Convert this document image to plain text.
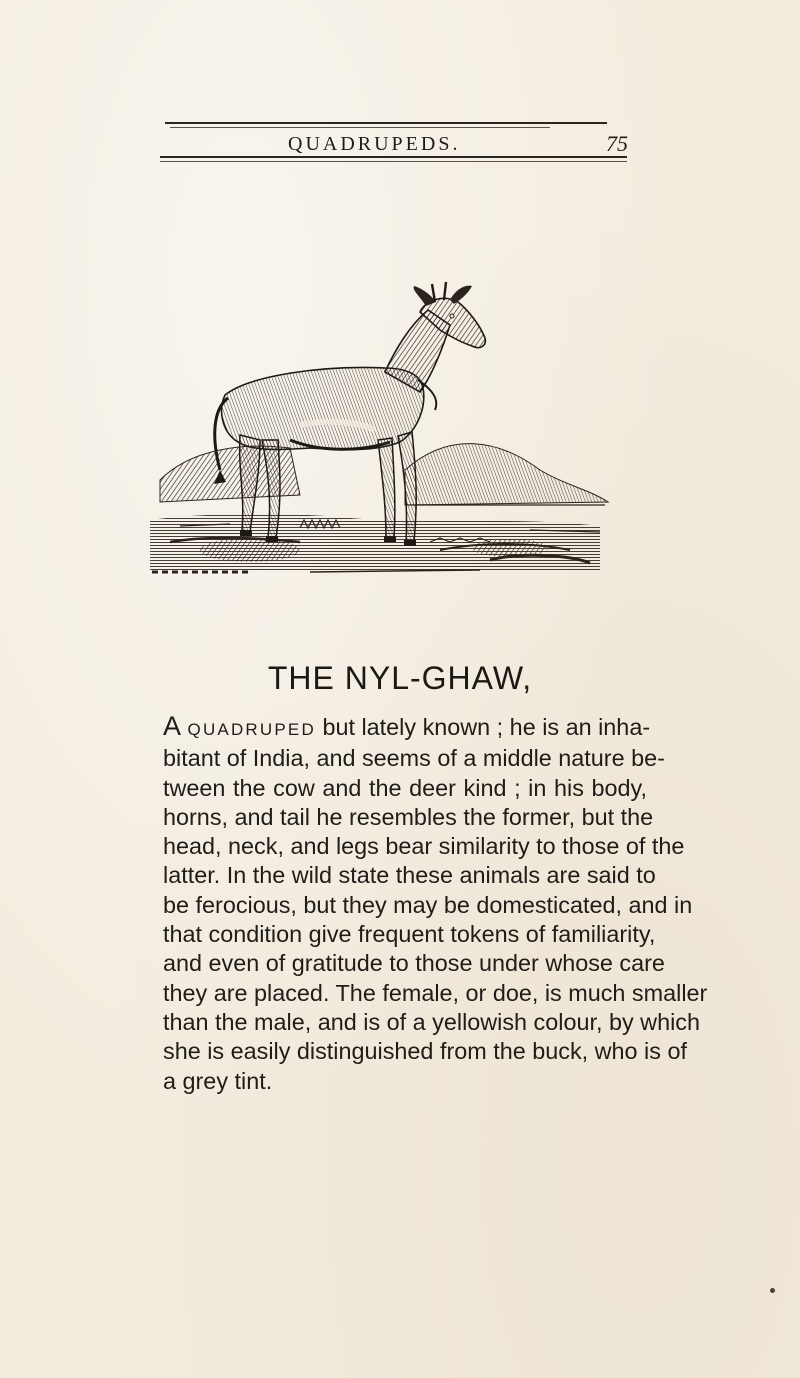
QUADRUPEDS.	75
THE NYL-GHAW,
A QUADRUPED but lately known ; he is an inha-
bitant of India, and seems of a middle nature be-
tween the cow and the deer kind ; in his body,
horns, and tail he resembles the former, but the
head, neck, and legs bear similarity to those of the
latter. In the wild state these animals are said to
be ferocious, but they may be domesticated, and in
that condition give frequent tokens of familiarity,
and even of gratitude to those under whose care
they are placed. The female, or doe, is much smaller
than the male, and is of a yellowish colour, by which
she is easily distinguished from the buck, who is of
a grey tint.
